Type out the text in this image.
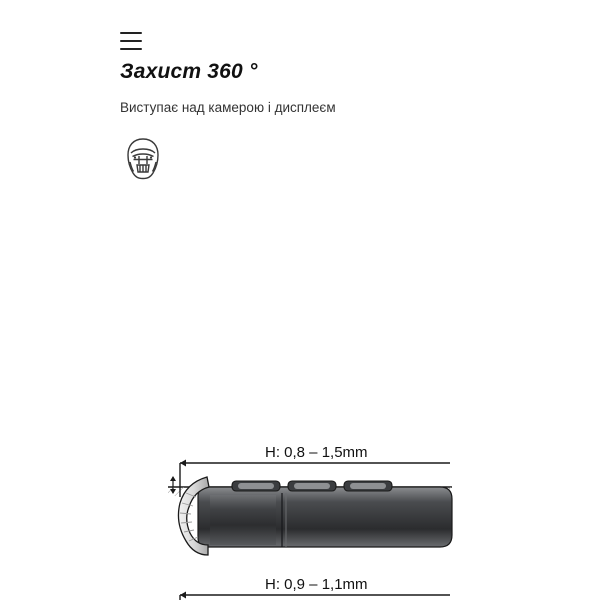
Захист 360 °
Виступає над камерою і дисплеєм
H: 0,8 – 1,5mm
H: 0,9 – 1,1mm
